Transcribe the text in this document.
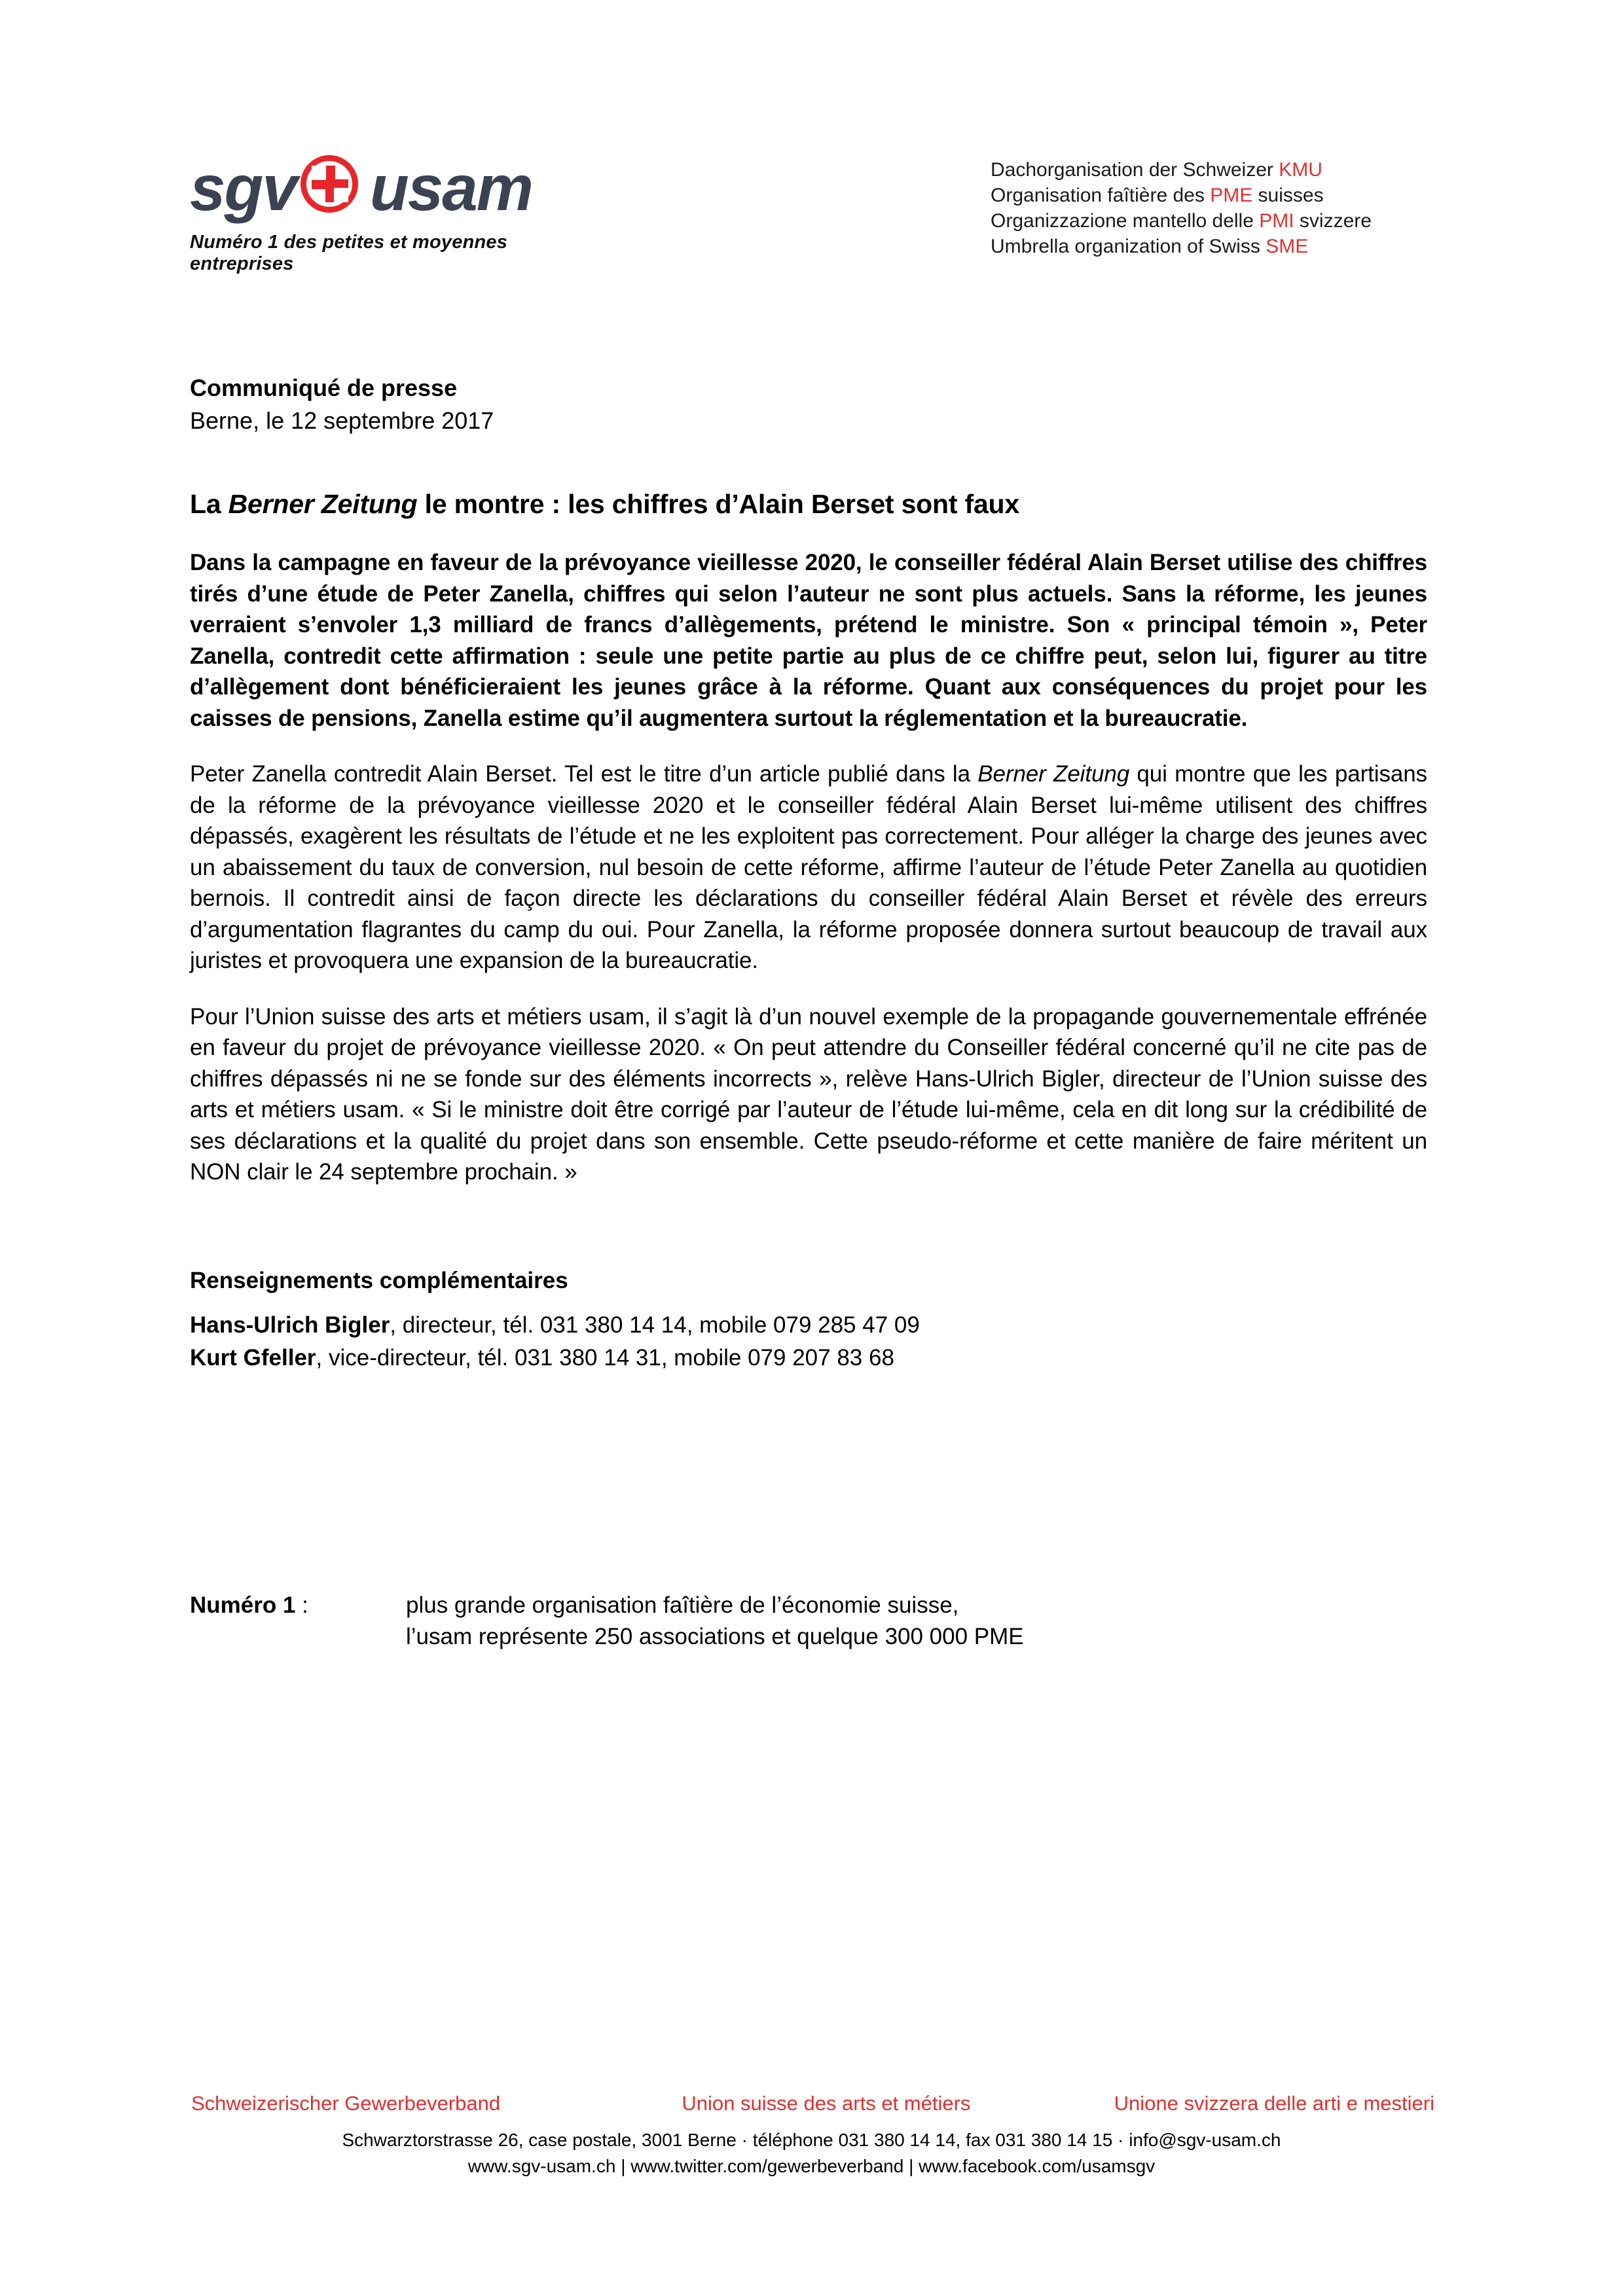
sgv usam
Numéro 1 des petites et moyennes entreprises
Dachorganisation der Schweizer KMU
Organisation faîtière des PME suisses
Organizzazione mantello delle PMI svizzere
Umbrella organization of Swiss SME
Communiqué de presse
Berne, le 12 septembre 2017
La Berner Zeitung le montre : les chiffres d’Alain Berset sont faux

Dans la campagne en faveur de la prévoyance vieillesse 2020, le conseiller fédéral Alain Berset utilise des chiffres tirés d’une étude de Peter Zanella, chiffres qui selon l’auteur ne sont plus actuels. Sans la réforme, les jeunes verraient s’envoler 1,3 milliard de francs d’allègements, prétend le ministre. Son « principal témoin », Peter Zanella, contredit cette affirmation : seule une petite partie au plus de ce chiffre peut, selon lui, figurer au titre d’allègement dont bénéficieraient les jeunes grâce à la réforme. Quant aux conséquences du projet pour les caisses de pensions, Zanella estime qu’il augmentera surtout la réglementation et la bureaucratie.

Peter Zanella contredit Alain Berset. Tel est le titre d’un article publié dans la Berner Zeitung qui montre que les partisans de la réforme de la prévoyance vieillesse 2020 et le conseiller fédéral Alain Berset lui-même utilisent des chiffres dépassés, exagèrent les résultats de l’étude et ne les exploitent pas correctement. Pour alléger la charge des jeunes avec un abaissement du taux de conversion, nul besoin de cette réforme, affirme l’auteur de l’étude Peter Zanella au quotidien bernois. Il contredit ainsi de façon directe les déclarations du conseiller fédéral Alain Berset et révèle des erreurs d’argumentation flagrantes du camp du oui. Pour Zanella, la réforme proposée donnera surtout beaucoup de travail aux juristes et provoquera une expansion de la bureaucratie.

Pour l’Union suisse des arts et métiers usam, il s’agit là d’un nouvel exemple de la propagande gouvernementale effrénée en faveur du projet de prévoyance vieillesse 2020. « On peut attendre du Conseiller fédéral concerné qu’il ne cite pas de chiffres dépassés ni ne se fonde sur des éléments incorrects », relève Hans-Ulrich Bigler, directeur de l’Union suisse des arts et métiers usam. « Si le ministre doit être corrigé par l’auteur de l’étude lui-même, cela en dit long sur la crédibilité de ses déclarations et la qualité du projet dans son ensemble. Cette pseudo-réforme et cette manière de faire méritent un NON clair le 24 septembre prochain. »

Renseignements complémentaires
Hans-Ulrich Bigler, directeur, tél. 031 380 14 14, mobile 079 285 47 09
Kurt Gfeller, vice-directeur, tél. 031 380 14 31, mobile 079 207 83 68
Numéro 1 :	plus grande organisation faîtière de l’économie suisse,
l’usam représente 250 associations et quelque 300 000 PME
Schweizerischer Gewerbeverband	Union suisse des arts et métiers	Unione svizzera delle arti e mestieri
Schwarztorstrasse 26, case postale, 3001 Berne · téléphone 031 380 14 14, fax 031 380 14 15 · info@sgv-usam.ch
www.sgv-usam.ch | www.twitter.com/gewerbeverband | www.facebook.com/usamsgv
